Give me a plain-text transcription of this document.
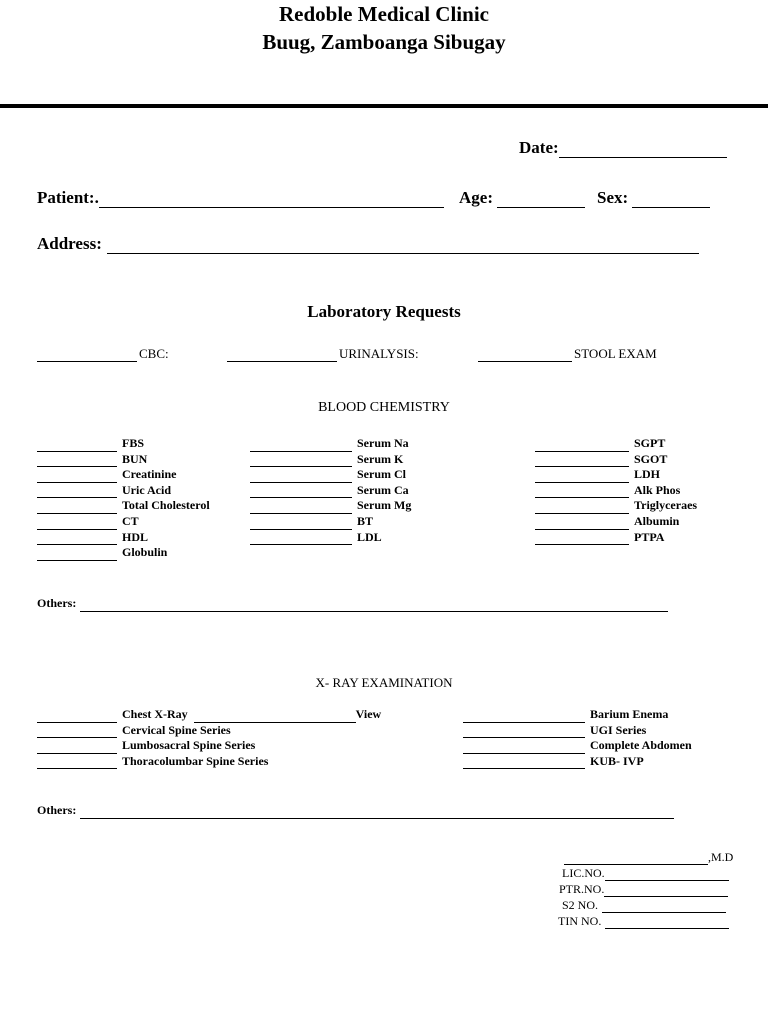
Redoble Medical Clinic
Buug, Zamboanga Sibugay
Date:
Patient:.	Age:	Sex:
Address:
Laboratory Requests
CBC:	URINALYSIS:	STOOL EXAM
BLOOD CHEMISTRY
FBS
BUN
Creatinine
Uric Acid
Total Cholesterol
CT
HDL
Globulin
Serum Na
Serum K
Serum Cl
Serum Ca
Serum Mg
BT
LDL
SGPT
SGOT
LDH
Alk Phos
Triglyceraes
Albumin
PTPA
Others:
X- RAY EXAMINATION
Chest X-Ray	View
Cervical Spine Series
Lumbosacral Spine Series
Thoracolumbar Spine Series
Barium Enema
UGI Series
Complete Abdomen
KUB- IVP
Others:
,M.D
LIC.NO.
PTR.NO.
S2 NO.
TIN NO.
